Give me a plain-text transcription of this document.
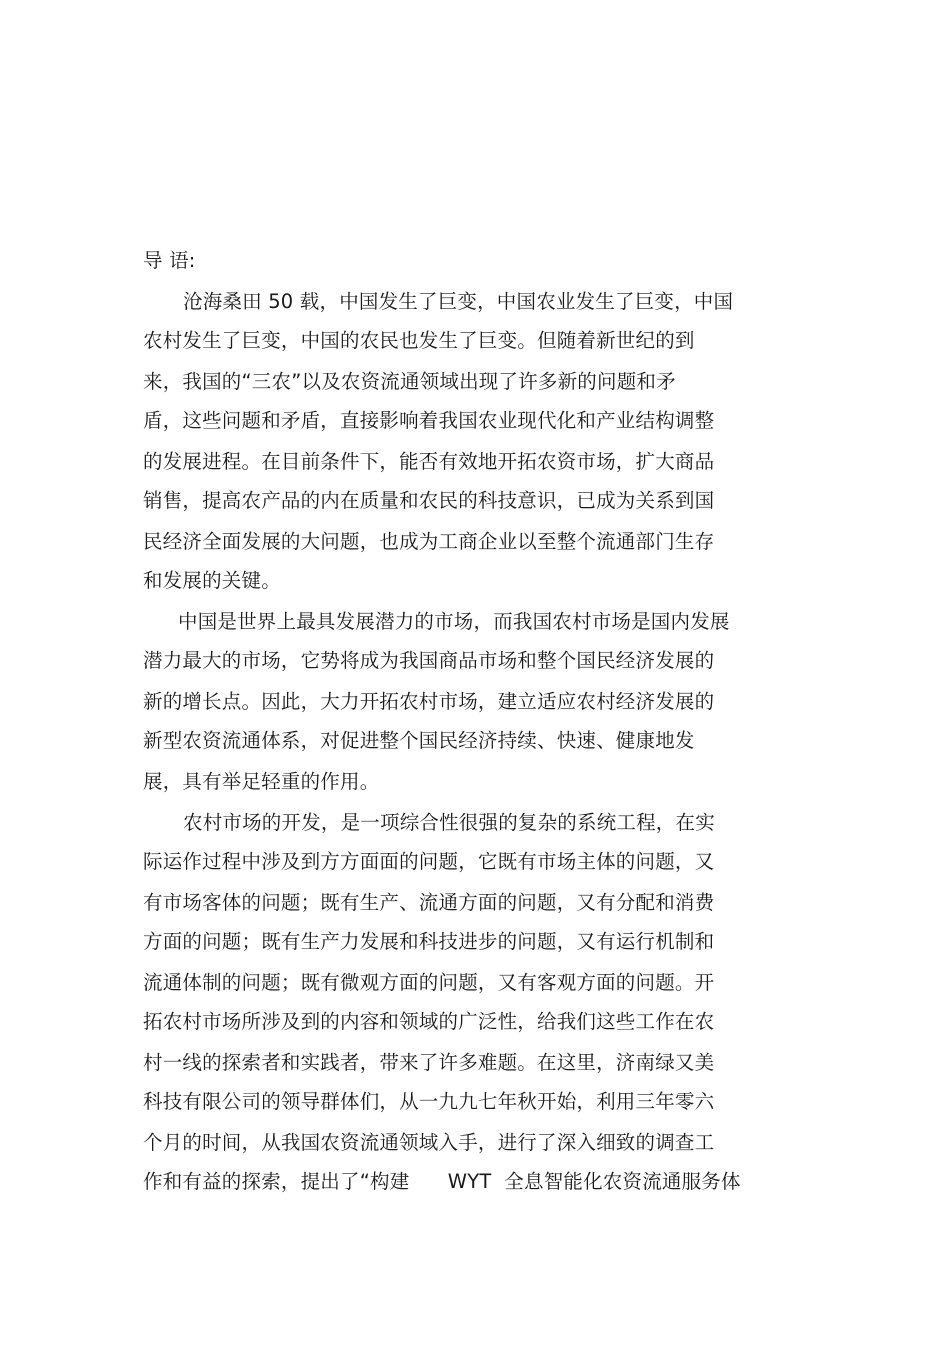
导 语:
沧海桑田 50 载，中国发生了巨变，中国农业发生了巨变，中国
农村发生了巨变，中国的农民也发生了巨变。但随着新世纪的到
来，我国的“三农”以及农资流通领域出现了许多新的问题和矛
盾，这些问题和矛盾，直接影响着我国农业现代化和产业结构调整
的发展进程。在目前条件下，能否有效地开拓农资市场，扩大商品
销售，提高农产品的内在质量和农民的科技意识，已成为关系到国
民经济全面发展的大问题，也成为工商企业以至整个流通部门生存
和发展的关键。
中国是世界上最具发展潜力的市场，而我国农村市场是国内发展
潜力最大的市场，它势将成为我国商品市场和整个国民经济发展的
新的增长点。因此，大力开拓农村市场，建立适应农村经济发展的
新型农资流通体系，对促进整个国民经济持续、快速、健康地发
展，具有举足轻重的作用。
农村市场的开发，是一项综合性很强的复杂的系统工程，在实
际运作过程中涉及到方方面面的问题，它既有市场主体的问题，又
有市场客体的问题；既有生产、流通方面的问题，又有分配和消费
方面的问题；既有生产力发展和科技进步的问题，又有运行机制和
流通体制的问题；既有微观方面的问题，又有客观方面的问题。开
拓农村市场所涉及到的内容和领域的广泛性，给我们这些工作在农
村一线的探索者和实践者，带来了许多难题。在这里，济南绿又美
科技有限公司的领导群体们，从一九九七年秋开始，利用三年零六
个月的时间，从我国农资流通领域入手，进行了深入细致的调查工
作和有益的探索，提出了“构建      WYT  全息智能化农资流通服务体
